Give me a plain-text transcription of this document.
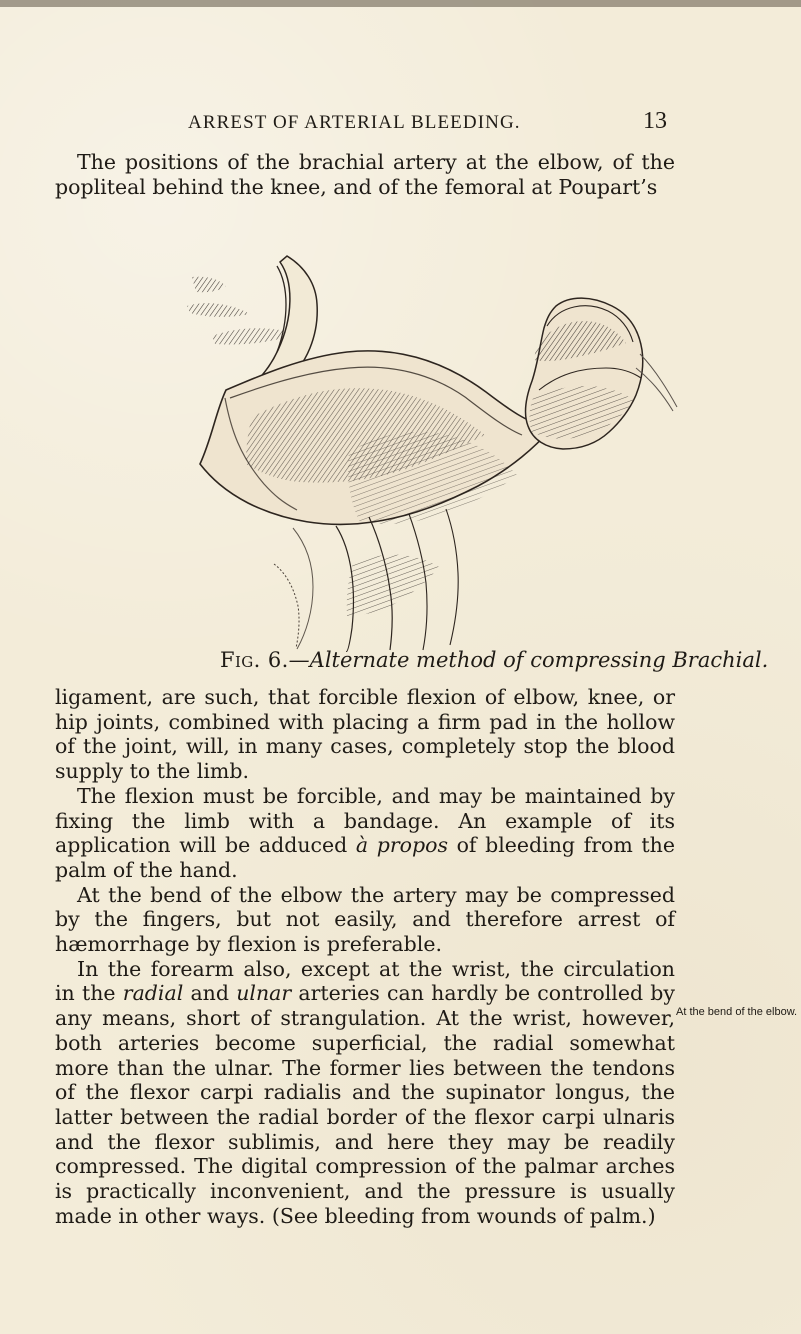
ARREST OF ARTERIAL BLEEDING.	13

The positions of the brachial artery at the elbow, of the popliteal behind the knee, and of the femoral at Poupart’s

Fig. 6.—Alternate method of compressing Brachial.

ligament, are such, that forcible flexion of elbow, knee, or hip joints, combined with placing a firm pad in the hollow of the joint, will, in many cases, completely stop the blood supply to the limb.

The flexion must be forcible, and may be maintained by fixing the limb with a bandage. An example of its application will be adduced à propos of bleeding from the palm of the hand.

At the bend of the elbow the artery may be compressed by the fingers, but not easily, and therefore arrest of hæmorrhage by flexion is preferable.

In the forearm also, except at the wrist, the circulation in the radial and ulnar arteries can hardly be controlled by any means, short of strangulation. At the wrist, however, both arteries become superficial, the radial somewhat more than the ulnar. The former lies between the tendons of the flexor carpi radialis and the supinator longus, the latter between the radial border of the flexor carpi ulnaris and the flexor sublimis, and here they may be readily compressed. The digital compression of the palmar arches is practically inconvenient, and the pressure is usually made in other ways. (See bleeding from wounds of palm.)

At the bend of the elbow.
